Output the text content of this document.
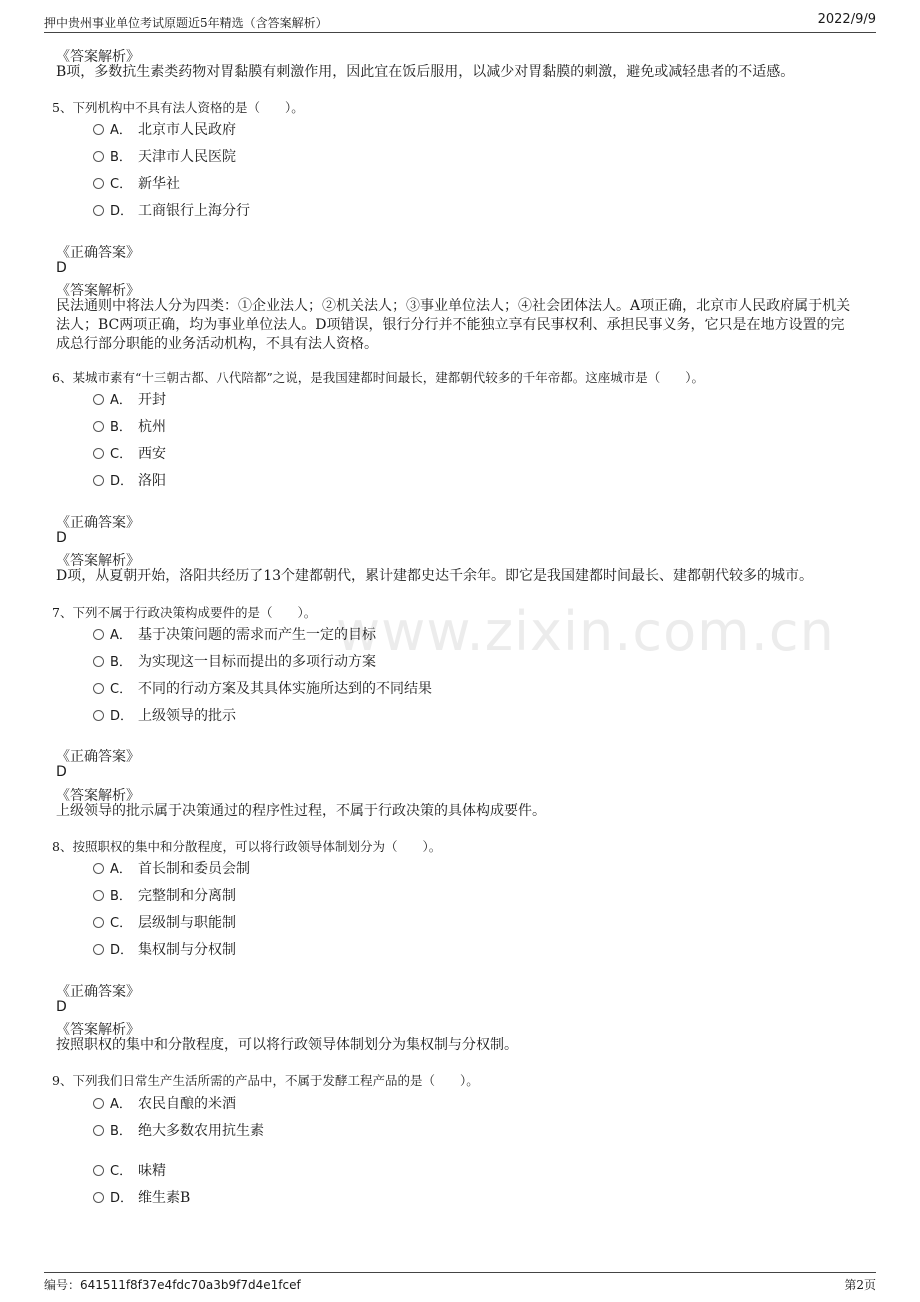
押中贵州事业单位考试原题近5年精选（含答案解析）	2022/9/9
www.zixin.com.cn
《答案解析》
B项，多数抗生素类药物对胃黏膜有刺激作用，因此宜在饭后服用，以减少对胃黏膜的刺激，避免或减轻患者的不适感。
5、下列机构中不具有法人资格的是（　　）。
A． 北京市人民政府
B． 天津市人民医院
C． 新华社
D． 工商银行上海分行
《正确答案》
D
《答案解析》
民法通则中将法人分为四类：①企业法人；②机关法人；③事业单位法人；④社会团体法人。A项正确，北京市人民政府属于机关法人；BC两项正确，均为事业单位法人。D项错误，银行分行并不能独立享有民事权利、承担民事义务，它只是在地方设置的完成总行部分职能的业务活动机构，不具有法人资格。
6、某城市素有“十三朝古都、八代陪都”之说，是我国建都时间最长，建都朝代较多的千年帝都。这座城市是（　　）。
A． 开封
B． 杭州
C． 西安
D． 洛阳
《正确答案》
D
《答案解析》
D项，从夏朝开始，洛阳共经历了13个建都朝代，累计建都史达千余年。即它是我国建都时间最长、建都朝代较多的城市。
7、下列不属于行政决策构成要件的是（　　）。
A． 基于决策问题的需求而产生一定的目标
B． 为实现这一目标而提出的多项行动方案
C． 不同的行动方案及其具体实施所达到的不同结果
D． 上级领导的批示
《正确答案》
D
《答案解析》
上级领导的批示属于决策通过的程序性过程，不属于行政决策的具体构成要件。
8、按照职权的集中和分散程度，可以将行政领导体制划分为（　　）。
A． 首长制和委员会制
B． 完整制和分离制
C． 层级制与职能制
D． 集权制与分权制
《正确答案》
D
《答案解析》
按照职权的集中和分散程度，可以将行政领导体制划分为集权制与分权制。
9、下列我们日常生产生活所需的产品中，不属于发酵工程产品的是（　　）。
A． 农民自酿的米酒
B． 绝大多数农用抗生素
C． 味精
D． 维生素B
编号：641511f8f37e4fdc70a3b9f7d4e1fcef	第2页
